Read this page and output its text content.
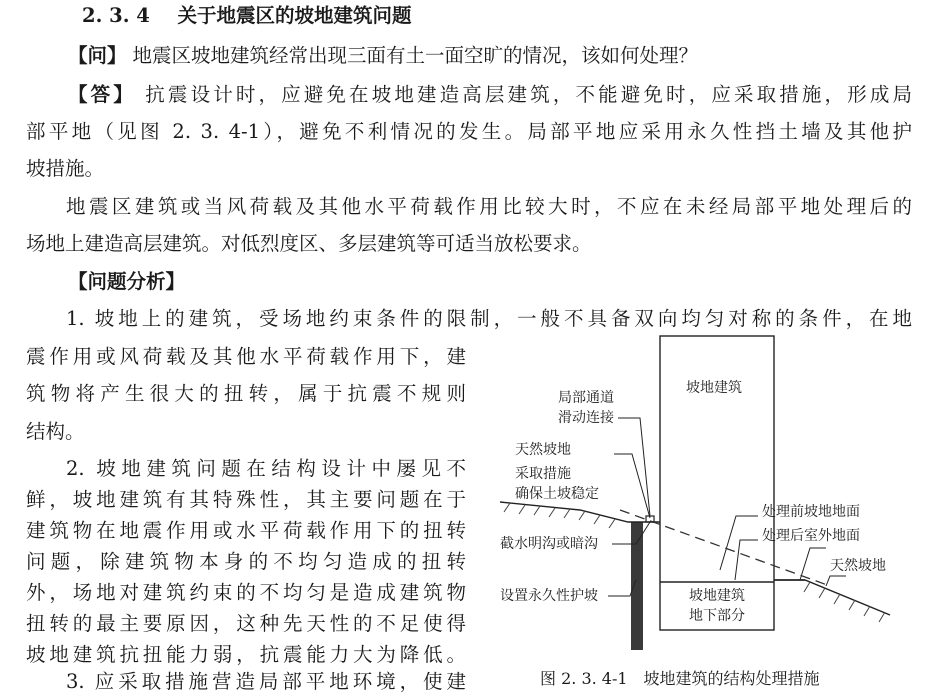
2. 3. 4 关于地震区的坡地建筑问题
【问】 地震区坡地建筑经常出现三面有土一面空旷的情况，该如何处理？
【答】 抗震设计时，应避免在坡地建造高层建筑，不能避免时，应采取措施，形成局
部平地（见图 2. 3. 4-1），避免不利情况的发生。局部平地应采用永久性挡土墙及其他护
坡措施。
地震区建筑或当风荷载及其他水平荷载作用比较大时，不应在未经局部平地处理后的
场地上建造高层建筑。对低烈度区、多层建筑等可适当放松要求。
【问题分析】
1. 坡地上的建筑，受场地约束条件的限制，一般不具备双向均匀对称的条件，在地
震作用或风荷载及其他水平荷载作用下，建
筑物将产生很大的扭转，属于抗震不规则
结构。
2. 坡地建筑问题在结构设计中屡见不
鲜，坡地建筑有其特殊性，其主要问题在于
建筑物在地震作用或水平荷载作用下的扭转
问题，除建筑物本身的不均匀造成的扭转
外，场地对建筑约束的不均匀是造成建筑物
扭转的最主要原因，这种先天性的不足使得
坡地建筑抗扭能力弱，抗震能力大为降低。
3. 应采取措施营造局部平地环境，使建
坡地建筑
坡地建筑
地下部分
局部通道
滑动连接
天然坡地
采取措施
确保土坡稳定
截水明沟或暗沟
设置永久性护坡
处理前坡地地面
处理后室外地面
天然坡地
图 2. 3. 4-1　坡地建筑的结构处理措施
